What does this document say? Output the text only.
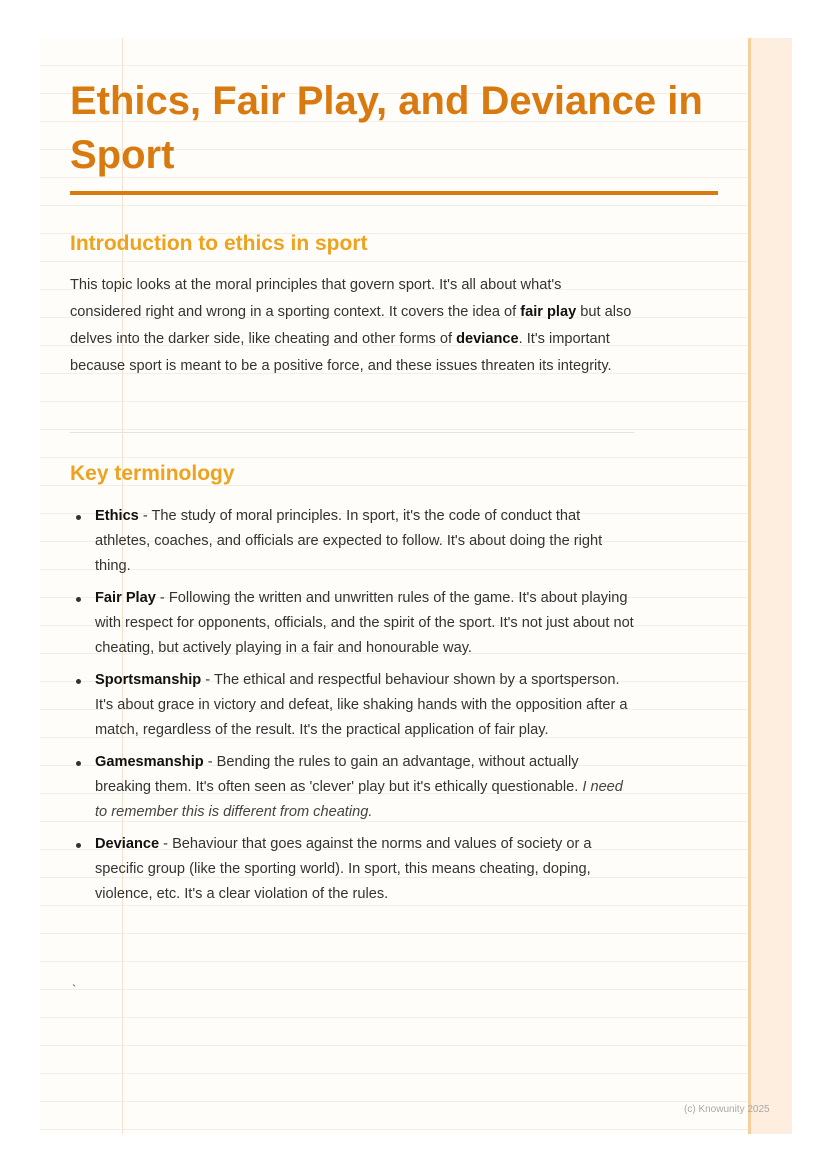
Ethics, Fair Play, and Deviance in Sport
Introduction to ethics in sport

This topic looks at the moral principles that govern sport. It's all about what's considered right and wrong in a sporting context. It covers the idea of fair play but also delves into the darker side, like cheating and other forms of deviance. It's important because sport is meant to be a positive force, and these issues threaten its integrity.

Key terminology
Ethics - The study of moral principles. In sport, it's the code of conduct that athletes, coaches, and officials are expected to follow. It's about doing the right thing.
Fair Play - Following the written and unwritten rules of the game. It's about playing with respect for opponents, officials, and the spirit of the sport. It's not just about not cheating, but actively playing in a fair and honourable way.
Sportsmanship - The ethical and respectful behaviour shown by a sportsperson. It's about grace in victory and defeat, like shaking hands with the opposition after a match, regardless of the result. It's the practical application of fair play.
Gamesmanship - Bending the rules to gain an advantage, without actually breaking them. It's often seen as 'clever' play but it's ethically questionable. I need to remember this is different from cheating.
Deviance - Behaviour that goes against the norms and values of society or a specific group (like the sporting world). In sport, this means cheating, doping, violence, etc. It's a clear violation of the rules.
`
(c) Knowunity 2025
